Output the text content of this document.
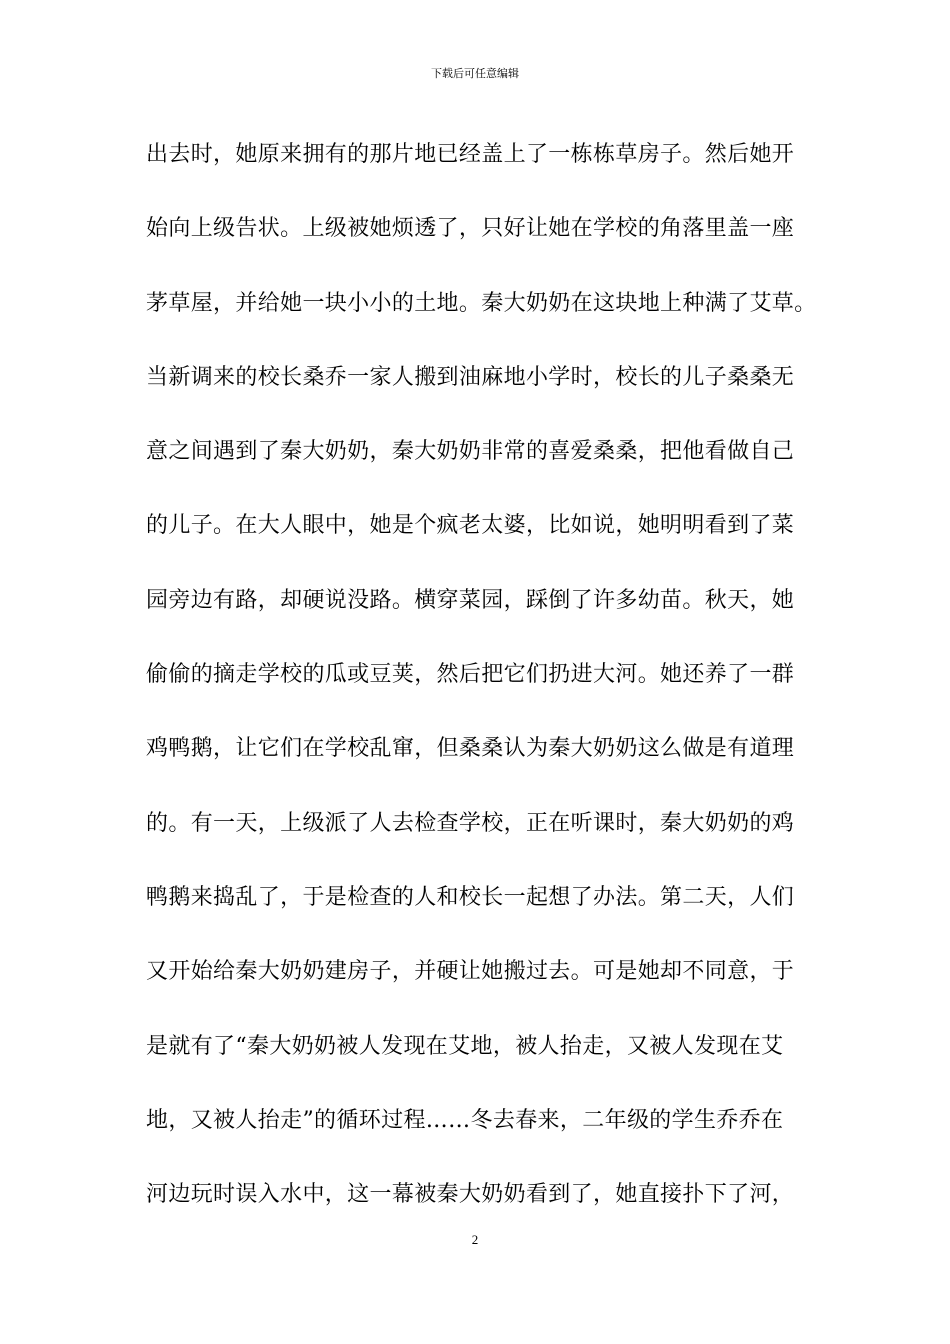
下载后可任意编辑
出去时，她原来拥有的那片地已经盖上了一栋栋草房子。然后她开
始向上级告状。上级被她烦透了，只好让她在学校的角落里盖一座
茅草屋，并给她一块小小的土地。秦大奶奶在这块地上种满了艾草。
当新调来的校长桑乔一家人搬到油麻地小学时，校长的儿子桑桑无
意之间遇到了秦大奶奶，秦大奶奶非常的喜爱桑桑，把他看做自己
的儿子。在大人眼中，她是个疯老太婆，比如说，她明明看到了菜
园旁边有路，却硬说没路。横穿菜园，踩倒了许多幼苗。秋天，她
偷偷的摘走学校的瓜或豆荚，然后把它们扔进大河。她还养了一群
鸡鸭鹅，让它们在学校乱窜，但桑桑认为秦大奶奶这么做是有道理
的。有一天，上级派了人去检查学校，正在听课时，秦大奶奶的鸡
鸭鹅来捣乱了，于是检查的人和校长一起想了办法。第二天，人们
又开始给秦大奶奶建房子，并硬让她搬过去。可是她却不同意，于
是就有了“秦大奶奶被人发现在艾地，被人抬走，又被人发现在艾
地，又被人抬走”的循环过程……冬去春来，二年级的学生乔乔在
河边玩时误入水中，这一幕被秦大奶奶看到了，她直接扑下了河，
2
